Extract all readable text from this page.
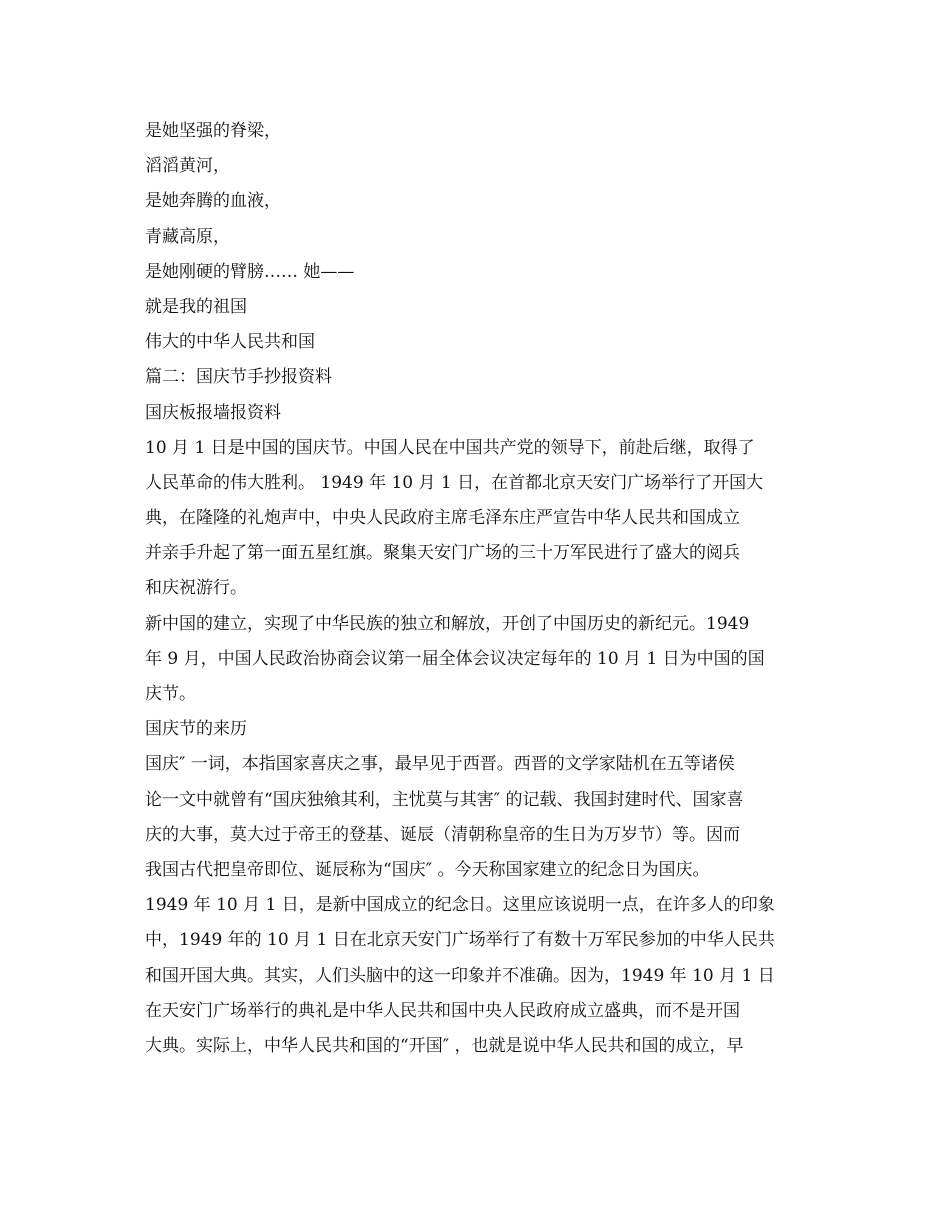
是她坚强的脊梁，
滔滔黄河，
是她奔腾的血液，
青藏高原，
是她刚硬的臂膀…… 她——
就是我的祖国
伟大的中华人民共和国
篇二：国庆节手抄报资料
国庆板报墙报资料
10 月 1 日是中国的国庆节。中国人民在中国共产党的领导下，前赴后继，取得了
人民革命的伟大胜利。 1949 年 10 月 1 日，在首都北京天安门广场举行了开国大
典，在隆隆的礼炮声中，中央人民政府主席毛泽东庄严宣告中华人民共和国成立
并亲手升起了第一面五星红旗。聚集天安门广场的三十万军民进行了盛大的阅兵
和庆祝游行。
新中国的建立，实现了中华民族的独立和解放，开创了中国历史的新纪元。1949
年 9 月，中国人民政治协商会议第一届全体会议决定每年的 10 月 1 日为中国的国
庆节。
国庆节的来历
国庆″ 一词，本指国家喜庆之事，最早见于西晋。西晋的文学家陆机在五等诸侯
论一文中就曾有“国庆独飨其利，主忧莫与其害″ 的记载、我国封建时代、国家喜
庆的大事，莫大过于帝王的登基、诞辰（清朝称皇帝的生日为万岁节）等。因而
我国古代把皇帝即位、诞辰称为“国庆″ 。今天称国家建立的纪念日为国庆。
1949 年 10 月 1 日，是新中国成立的纪念日。这里应该说明一点，在许多人的印象
中，1949 年的 10 月 1 日在北京天安门广场举行了有数十万军民参加的中华人民共
和国开国大典。其实，人们头脑中的这一印象并不准确。因为，1949 年 10 月 1 日
在天安门广场举行的典礼是中华人民共和国中央人民政府成立盛典，而不是开国
大典。实际上，中华人民共和国的“开国″ ，也就是说中华人民共和国的成立，早
